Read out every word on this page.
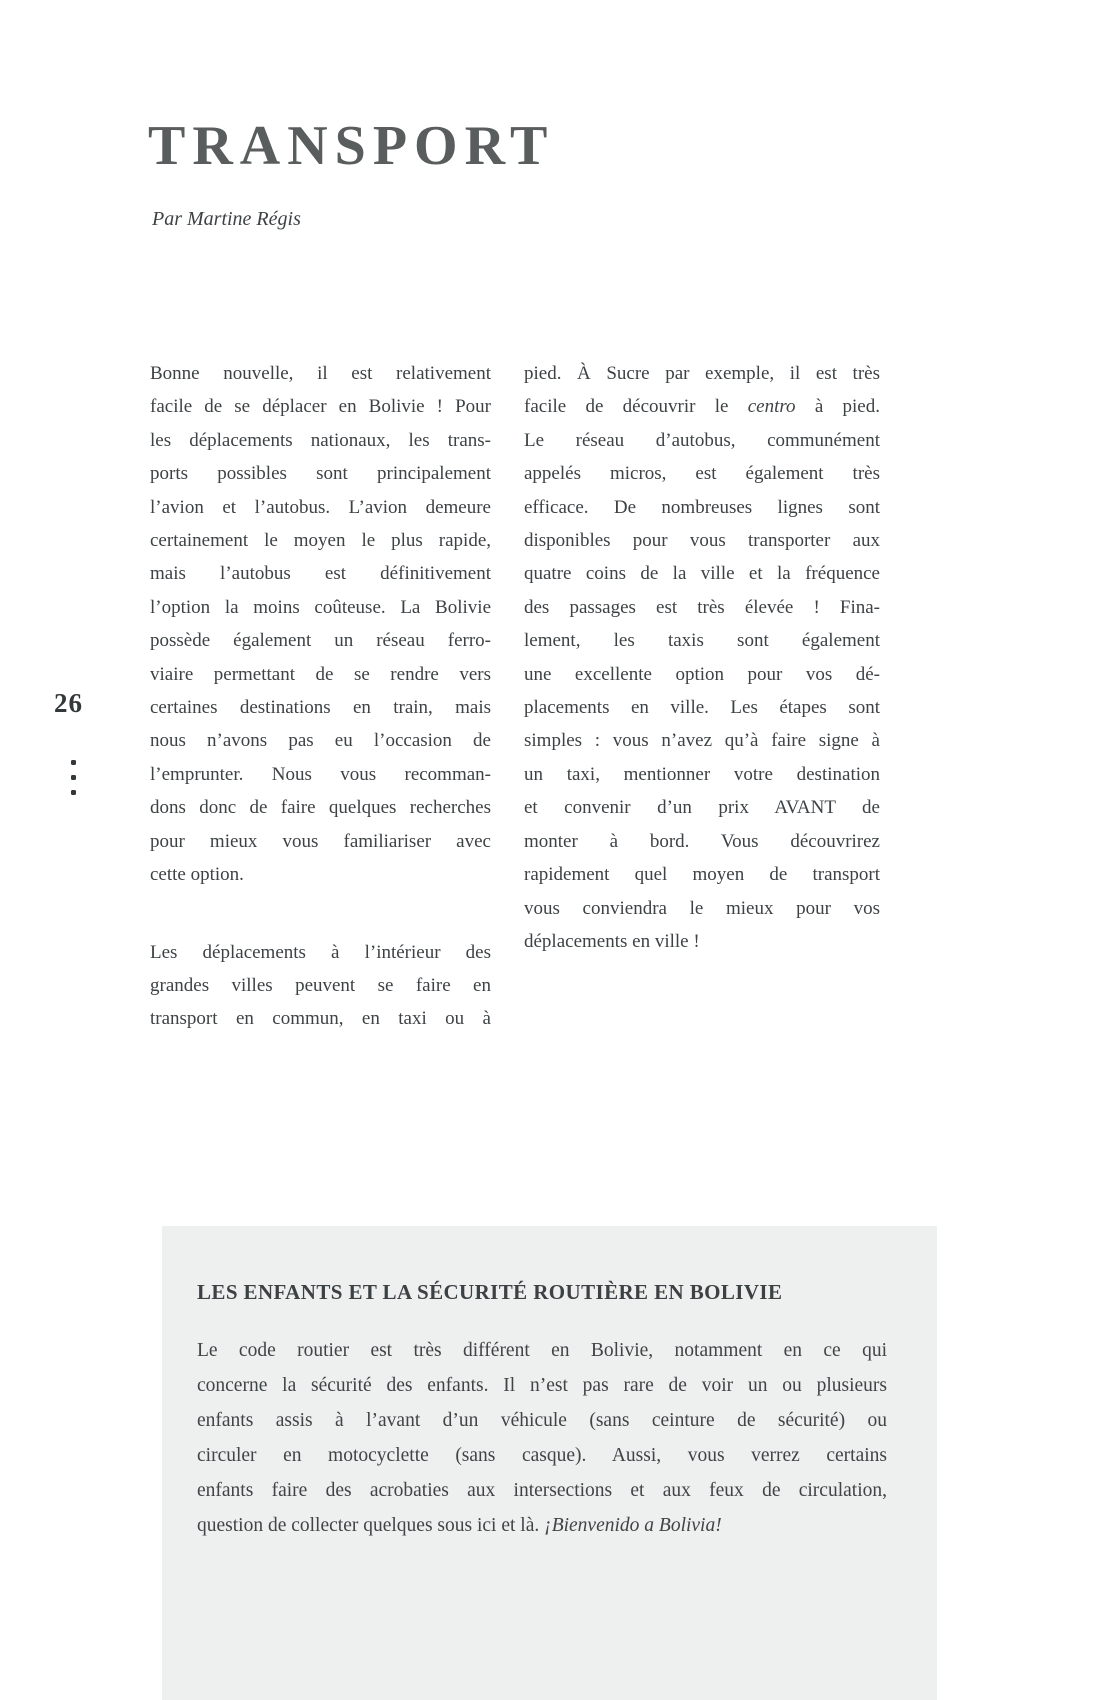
TRANSPORT
Par Martine Régis
26
Bonne nouvelle, il est relativement
facile de se déplacer en Bolivie ! Pour
les déplacements nationaux, les trans-
ports possibles sont principalement
l’avion et l’autobus. L’avion demeure
certainement le moyen le plus rapide,
mais l’autobus est définitivement
l’option la moins coûteuse. La Bolivie
possède également un réseau ferro-
viaire permettant de se rendre vers
certaines destinations en train, mais
nous n’avons pas eu l’occasion de
l’emprunter. Nous vous recomman-
dons donc de faire quelques recherches
pour mieux vous familiariser avec
cette option.
Les déplacements à l’intérieur des
grandes villes peuvent se faire en
transport en commun, en taxi ou à
pied. À Sucre par exemple, il est très
facile de découvrir le centro à pied.
Le réseau d’autobus, communément
appelés micros, est également très
efficace. De nombreuses lignes sont
disponibles pour vous transporter aux
quatre coins de la ville et la fréquence
des passages est très élevée ! Fina-
lement, les taxis sont également
une excellente option pour vos dé-
placements en ville. Les étapes sont
simples : vous n’avez qu’à faire signe à
un taxi, mentionner votre destination
et convenir d’un prix AVANT de
monter à bord. Vous découvrirez
rapidement quel moyen de transport
vous conviendra le mieux pour vos
déplacements en ville !
LES ENFANTS ET LA SÉCURITÉ ROUTIÈRE EN BOLIVIE
Le code routier est très différent en Bolivie, notamment en ce qui
concerne la sécurité des enfants. Il n’est pas rare de voir un ou plusieurs
enfants assis à l’avant d’un véhicule (sans ceinture de sécurité) ou
circuler en motocyclette (sans casque). Aussi, vous verrez certains
enfants faire des acrobaties aux intersections et aux feux de circulation,
question de collecter quelques sous ici et là. ¡Bienvenido a Bolivia!
